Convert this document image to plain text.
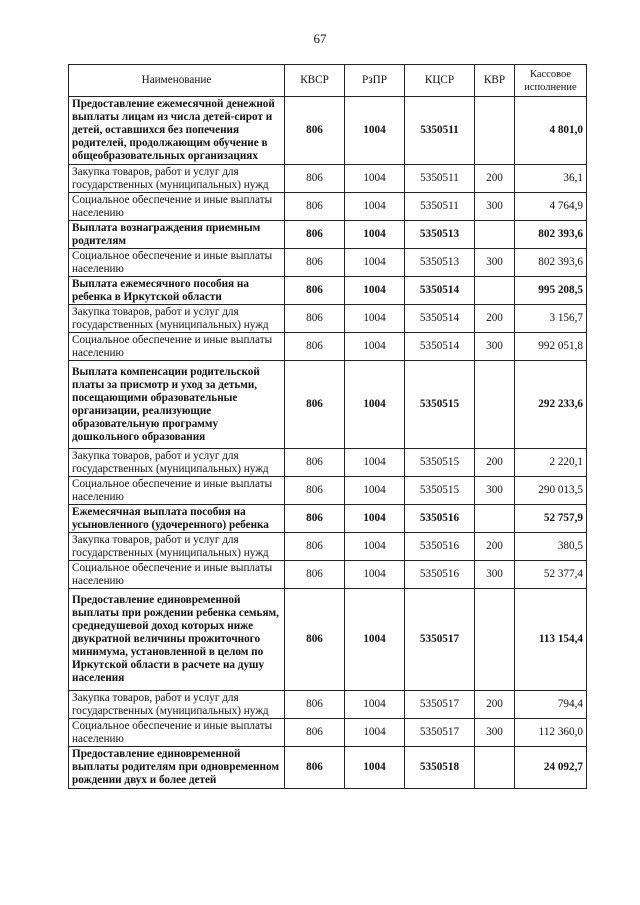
67
Наименование	КВСР	РзПР	КЦСР	КВР	Кассовое исполнение
Предоставление ежемесячной денежной выплаты лицам из числа детей-сирот и детей, оставшихся без попечения родителей, продолжающим обучение в общеобразовательных организациях	806	1004	5350511		4 801,0
Закупка товаров, работ и услуг для государственных (муниципальных) нужд	806	1004	5350511	200	36,1
Социальное обеспечение и иные выплаты населению	806	1004	5350511	300	4 764,9
Выплата вознаграждения приемным родителям	806	1004	5350513		802 393,6
Социальное обеспечение и иные выплаты населению	806	1004	5350513	300	802 393,6
Выплата ежемесячного пособия на ребенка в Иркутской области	806	1004	5350514		995 208,5
Закупка товаров, работ и услуг для государственных (муниципальных) нужд	806	1004	5350514	200	3 156,7
Социальное обеспечение и иные выплаты населению	806	1004	5350514	300	992 051,8
Выплата компенсации родительской платы за присмотр и уход за детьми, посещающими образовательные организации, реализующие образовательную программу дошкольного образования	806	1004	5350515		292 233,6
Закупка товаров, работ и услуг для государственных (муниципальных) нужд	806	1004	5350515	200	2 220,1
Социальное обеспечение и иные выплаты населению	806	1004	5350515	300	290 013,5
Ежемесячная выплата пособия на усыновленного (удочеренного) ребенка	806	1004	5350516		52 757,9
Закупка товаров, работ и услуг для государственных (муниципальных) нужд	806	1004	5350516	200	380,5
Социальное обеспечение и иные выплаты населению	806	1004	5350516	300	52 377,4
Предоставление единовременной выплаты при рождении ребенка семьям, среднедушевой доход которых ниже двукратной величины прожиточного минимума, установленной в целом по Иркутской области в расчете на душу населения	806	1004	5350517		113 154,4
Закупка товаров, работ и услуг для государственных (муниципальных) нужд	806	1004	5350517	200	794,4
Социальное обеспечение и иные выплаты населению	806	1004	5350517	300	112 360,0
Предоставление единовременной выплаты родителям при одновременном рождении двух и более детей	806	1004	5350518		24 092,7
